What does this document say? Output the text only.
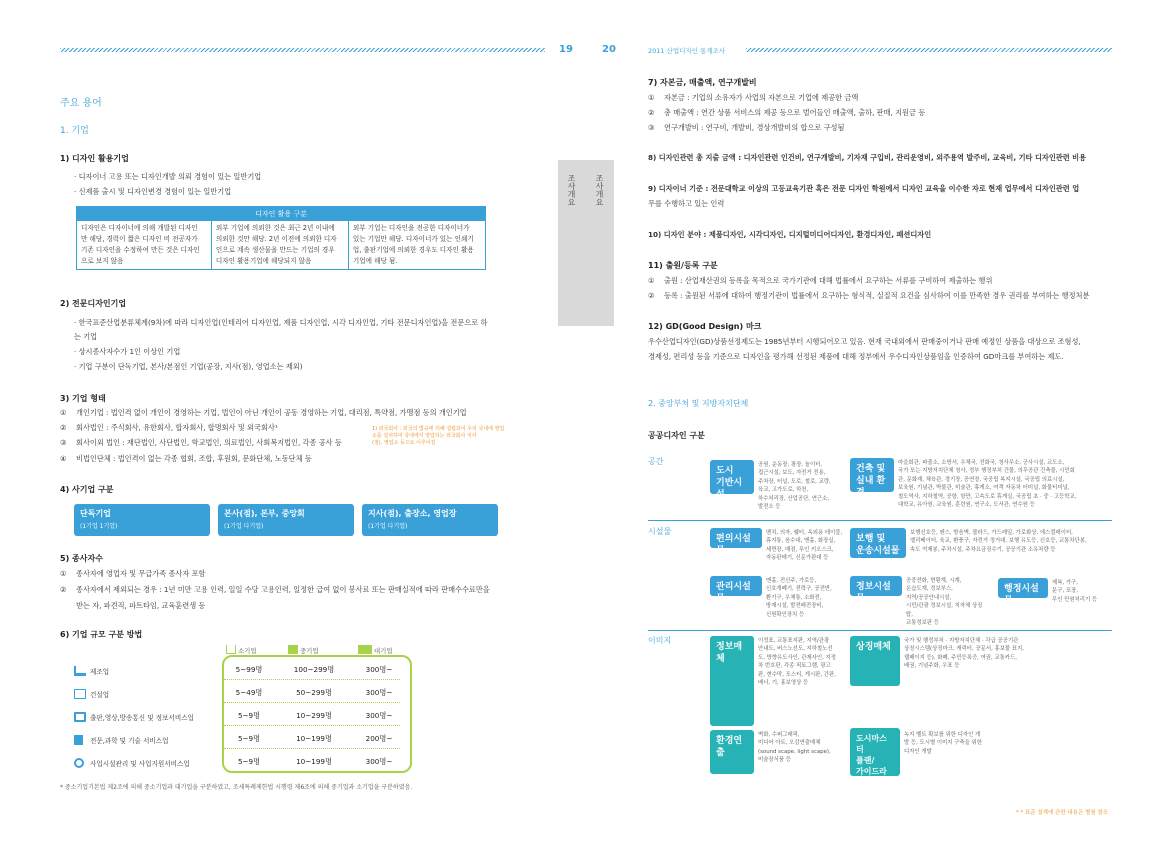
19
조사개요
주요 용어
1. 기업
1) 디자인 활용기업
· 디자이너 고용 또는 디자인개발 의뢰 경험이 있는 일반기업
· 신제품 출시 및 디자인변경 경험이 있는 일반기업
디자인 활용 구분

디자인은 디자이너에 의해 개발된 디자인
만 해당, 경력이 짧은 디자인 비 전공자가
기존 디자인을 수정하여 만든 것은 디자인
으로 보지 않음

외부 기업에 의뢰한 것은 최근 2년 이내에
의뢰한 것만 해당. 2년 이전에 의뢰한 디자
인으로 계속 생산물을 만드는 기업의 경우
디자인 활용기업에 해당되지 않음

외부 기업는 디자인을 전공한 디자이너가
있는 기업만 해당. 디자이너가 있는 인쇄기
업, 출판기업에 의뢰한 경우도 디자인 활용
기업에 해당 됨.
2) 전문디자인기업
· 한국표준산업분류체계(9차)에 따라 디자인업(인테리어 디자인업, 제품 디자인업, 시각 디자인업, 기타 전문디자인업)을 전문으로 하
는 기업
· 상시종사자수가 1인 이상인 기업
· 기업 구분이 단독기업, 본사/본점인 기업(공장, 지사(점), 영업소는 제외)
3) 기업 형태
① 개인기업 : 법인격 없이 개인이 경영하는 기업, 법인이 아닌 개인이 공동 경영하는 기업, 대리점, 특약점, 가맹점 등의 개인기업
② 회사법인 : 주식회사, 유한회사, 합자회사, 합명회사 및 외국회사¹
③ 회사이외 법인 : 재단법인, 사단법인, 학교법인, 의료법인, 사회복지법인, 각종 공사 등
④ 비법인단체 : 법인격이 없는 각종 협회, 조합, 후원회, 문화단체, 노동단체 등
1) 외국회사 : 외국의 법규에 의해 설립되어 우리 국내에 영업
소를 설치하여 국내에서 영업하는 외국회사 지사
(점), 영업소 등으로 이루어짐
4) 사기업 구분
단독기업
(1기업 1기업)
본사(점), 본부, 중앙회
(1기업 다기업)
지사(점), 출장소, 영업장
(1기업 다기업)
5) 종사자수
① 종사자에 영업자 및 무급가족 종사자 포함
② 종사자에서 제외되는 경우 : 1년 미만 고용 인력, 일일 수당 고용인력, 일정한 급여 없이 봉사료 또는 판매실적에 따라 판매수수료만을
받는 자, 파견직, 파트타임, 교육훈련생 등
6) 기업 규모 구분 방법
소기업	중기업	대기업
제조업	5~99명	100~299명	300명~
건설업	5~49명	50~299명	300명~
출판,영상,방송통신 및 정보서비스업	5~9명	10~299명	300명~
전문,과학 및 기술 서비스업	5~9명	10~199명	200명~
사업시설관리 및 사업지원서비스업	5~9명	10~199명	300명~
* 중소기업기본법 제2조에 의해 중소기업과 대기업을 구분하였고, 조세특례제한법 시행령 제6조에 의해 중기업과 소기업을 구분하였음.
20	2011 산업디자인 통계조사
조사개요
7) 자본금, 매출액, 연구개발비
① 자본금 : 기업의 소유자가 사업의 자본으로 기업에 제공한 금액
② 총 매출액 : 연간 상품 서비스의 제공 등으로 벌어들인 매출액, 출하, 판매, 지원금 등
③ 연구개발비 : 연구비, 개발비, 경상개발비의 합으로 구성됨
8) 디자인관련 총 지출 금액 : 디자인관련 인건비, 연구개발비, 기자재 구입비, 관리운영비, 외주용역 발주비, 교육비, 기타 디자인관련 비용
9) 디자이너 기준 : 전문대학교 이상의 고등교육기관 혹은 전문 디자인 학원에서 디자인 교육을 이수한 자로 현재 업무에서 디자인관련 업
무를 수행하고 있는 인력
10) 디자인 분야 : 제품디자인, 시각디자인, 디지털미디어디자인, 환경디자인, 패션디자인
11) 출원/등록 구분
① 출원 : 산업재산권의 등록을 목적으로 국가기관에 대해 법률에서 요구하는 서류를 구비하여 제출하는 행위
② 등록 : 출원된 서류에 대하여 행정기관이 법률에서 요구하는 형식적, 실질적 요건을 심사하여 이를 만족한 경우 권리를 부여하는 행정처분
12) GD(Good Design) 마크
우수산업디자인(GD)상품선정제도는 1985년부터 시행되어오고 있음. 현재 국내외에서 판매중이거나 판매 예정인 상품을 대상으로 조형성,
경제성, 편리성 등을 기준으로 디자인을 평가해 선정된 제품에 대해 정부에서 우수디자인상품임을 인증하여 GD마크를 부여하는 제도.
2. 중앙부처 및 지방자치단체
공공디자인 구분
공간
시설물
이미지
도시
기반시설
공원, 운동장, 광장, 놀이터,
접근시설, 보도, 자전거 전용,
주차장, 터널, 도로, 철로, 교량,
육교, 고가도로, 하천,
하수처리장, 산업공단, 연근소,
발전소 등
건축 및
실내 환경
마을회관, 파출소, 소방서, 우체국, 전화국, 청사무소, 군사시설, 교도소,
국가 또는 지방자치단체 청사, 정부 행정부처 건물, 의무공관 건축물, 시민회
관, 문화재, 체육관, 경기장, 공연장, 국공립 복지시설, 국공립 의료시설,
보육원, 기념관, 박물관, 미술관, 휴게소, 여객 자동차 터미널, 화물터미널,
철도역사, 지하철역, 공항, 항만, 고속도로 휴게실, 국공립 초 · 중 · 고등학교,
대학교, 유아원, 교육원, 훈련원, 연구소, 도서관, 연수원 등
편의시설물
벤치, 의자, 쉘터, 옥외용 테이블,
휴지통, 음수대, 맨홀, 화장실,
세면장, 매점, 무인 키오스크,
자동판매기, 신문가판대 등
보행 및
운송시설물
보행신호등, 펜스, 방음벽, 볼라드, 가드레일, 가로화상, 에스컬레이터,
엘리베이터, 육교, 환풍구, 자전거 정거대, 보행 유도등, 신호등, 교통차단봉,
속도 억제봉, 주차시설, 주차요금징수기, 공공기관 소유차량 등
관리시설물
맨홀, 전신주, 가로등,
신호개폐기, 전력구, 공전반,
환기구, 우체통, 소화전,
방재시설, 발전배전장비,
신원확인장치 등
정보시설물
공중전화, 현황계, 시계,
온습도계, 정보부스,
지역/공공안내시설,
시민/관광 정보시설, 지자체 상징탑,
교통정보판 등
행정시설물
제복, 가구,
문구, 포장,
무인 민원처리기 등
정보매체
이정표, 교통표지판, 지역/관광
안내도, 버스노선도, 지하철노선
도, 방향유도사인, 관제사인, 지정
차 번호판, 각종 픽토그램, 광고
판, 현수막, 포스터, 게시판, 간판,
배너, 기, 홍보영상 등
상징매체
국가 및 행정부처 · 지방자치단체 · 각급 공공기관
상징시스템(상징마크, 캐릭터, 공문서, 홍보물 표지,
웹페이지 등), 화폐, 주민등록증, 여권, 교통카드,
배권, 기념주화, 우표 등
환경연출
벽화, 수퍼그래픽,
미디어 아트, 오감연출매체
(sound scape, light scape),
미술장식품 등
도시마스터
플랜/
가이드라인
녹지 벨트 확보를 위한 디자인 개
발 등, 도시별 이미지 구축을 위한
디자인 개발
* * 표준 설계에 관한 내용은 별첨 참조
